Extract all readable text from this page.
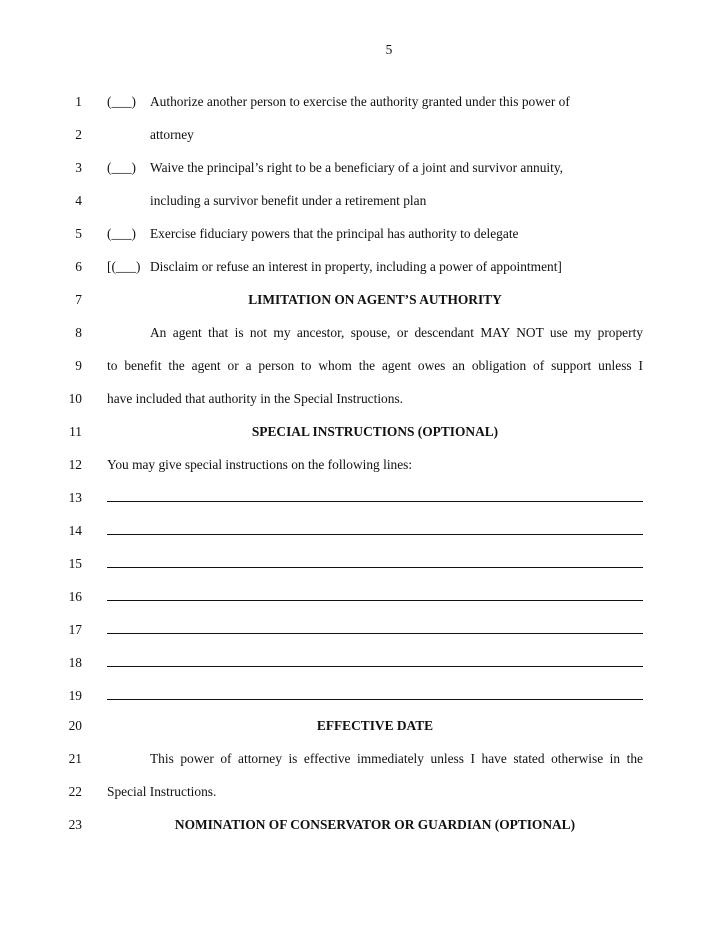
5
1 (___) Authorize another person to exercise the authority granted under this power of
2	attorney
3 (___) Waive the principal’s right to be a beneficiary of a joint and survivor annuity,
4	including a survivor benefit under a retirement plan
5 (___) Exercise fiduciary powers that the principal has authority to delegate
6 [(___) Disclaim or refuse an interest in property, including a power of appointment]
7	LIMITATION ON AGENT’S AUTHORITY
8	An agent that is not my ancestor, spouse, or descendant MAY NOT use my property
9 to benefit the agent or a person to whom the agent owes an obligation of support unless I
10 have included that authority in the Special Instructions.
11	SPECIAL INSTRUCTIONS (OPTIONAL)
12 You may give special instructions on the following lines:
13
14
15
16
17
18
19
20	EFFECTIVE DATE
21	This power of attorney is effective immediately unless I have stated otherwise in the
22 Special Instructions.
23	NOMINATION OF CONSERVATOR OR GUARDIAN (OPTIONAL)
